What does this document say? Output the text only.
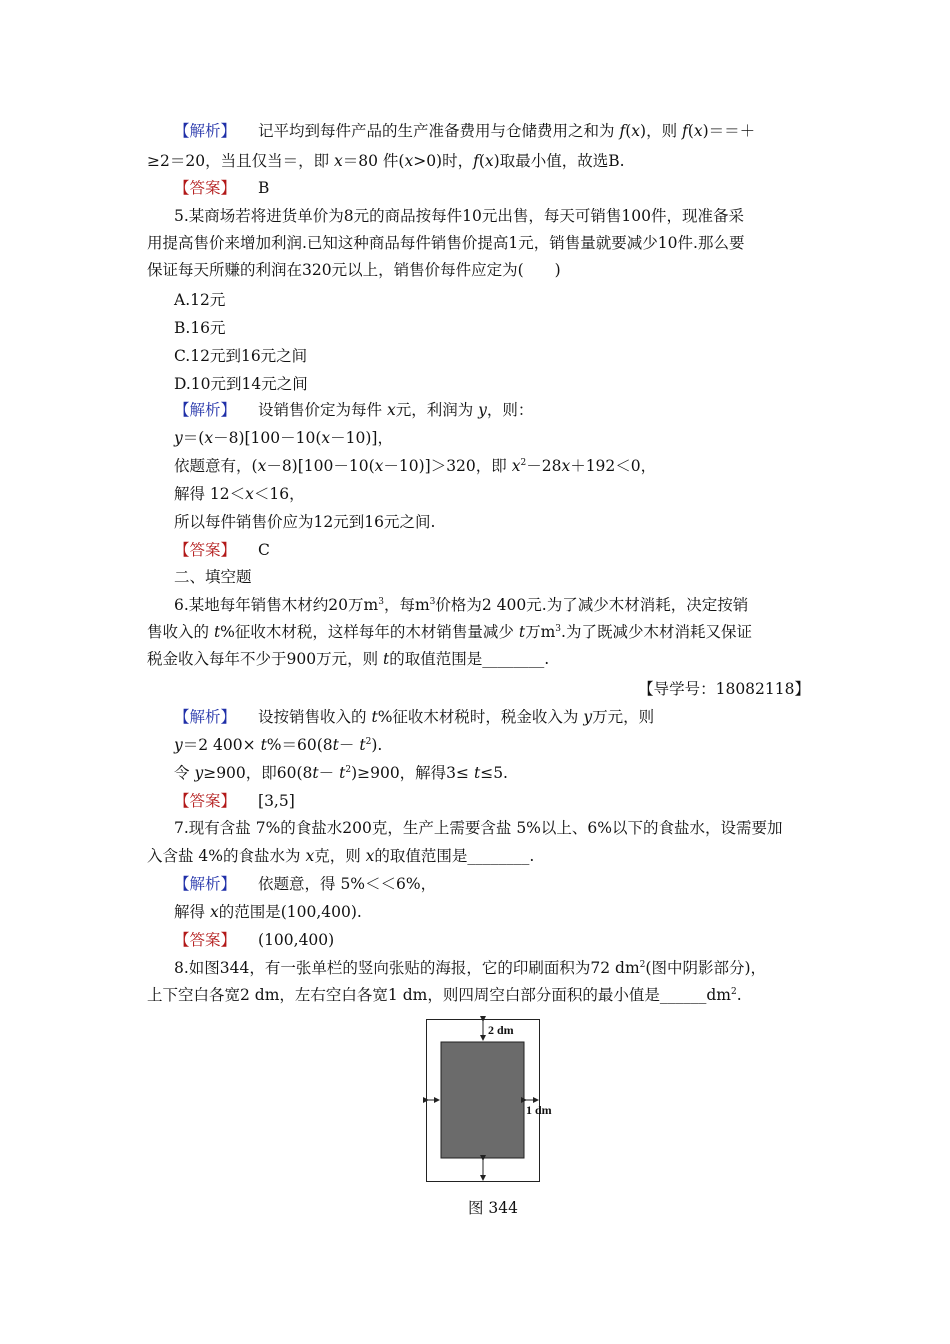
【解析】 记平均到每件产品的生产准备费用与仓储费用之和为 f(x)，则 f(x)＝＝＋
≥2＝20，当且仅当＝，即 x＝80 件(x>0)时，f(x)取最小值，故选B.
【答案】 B
5.某商场若将进货单价为8元的商品按每件10元出售，每天可销售100件，现准备采
用提高售价来增加利润.已知这种商品每件销售价提高1元，销售量就要减少10件.那么要
保证每天所赚的利润在320元以上，销售价每件应定为(　　)
A.12元
B.16元
C.12元到16元之间
D.10元到14元之间
【解析】 设销售价定为每件 x元，利润为 y，则：
y＝(x－8)[100－10(x－10)]，
依题意有，(x－8)[100－10(x－10)]＞320，即 $x^2-28x+192<0$，
解得 12＜x＜16，
所以每件销售价应为12元到16元之间.
【答案】 C
二、填空题
6.某地每年销售木材约20万$m^3$，每$m^3$价格为2 400元.为了减少木材消耗，决定按销
售收入的 t%征收木材税，这样每年的木材销售量减少 t万$m^3$.为了既减少木材消耗又保证
税金收入每年不少于900万元，则 t的取值范围是________.
【导学号：18082118】
【解析】 设按销售收入的 t%征收木材税时，税金收入为 y万元，则
y＝2 $400\times t\%=60(8t- t^2)$.
令 y≥900，即$60(8t- t^2)\ge 900$，解得3≤ t≤5.
【答案】 [3,5]
7.现有含盐 7%的食盐水200克，生产上需要含盐 5%以上、6%以下的食盐水，设需要加
入含盐 4%的食盐水为 x克，则 x的取值范围是________.
【解析】 依题意，得 5%＜＜6%，
解得 x的范围是(100,400).
【答案】 (100,400)
8.如图344，有一张单栏的竖向张贴的海报，它的印刷面积为72 $dm^2$(图中阴影部分)，
上下空白各宽2 dm，左右空白各宽1 dm，则四周空白部分面积的最小值是$\_\_\_\_\_\_dm^2$.
2 dm
1 dm
图 344
